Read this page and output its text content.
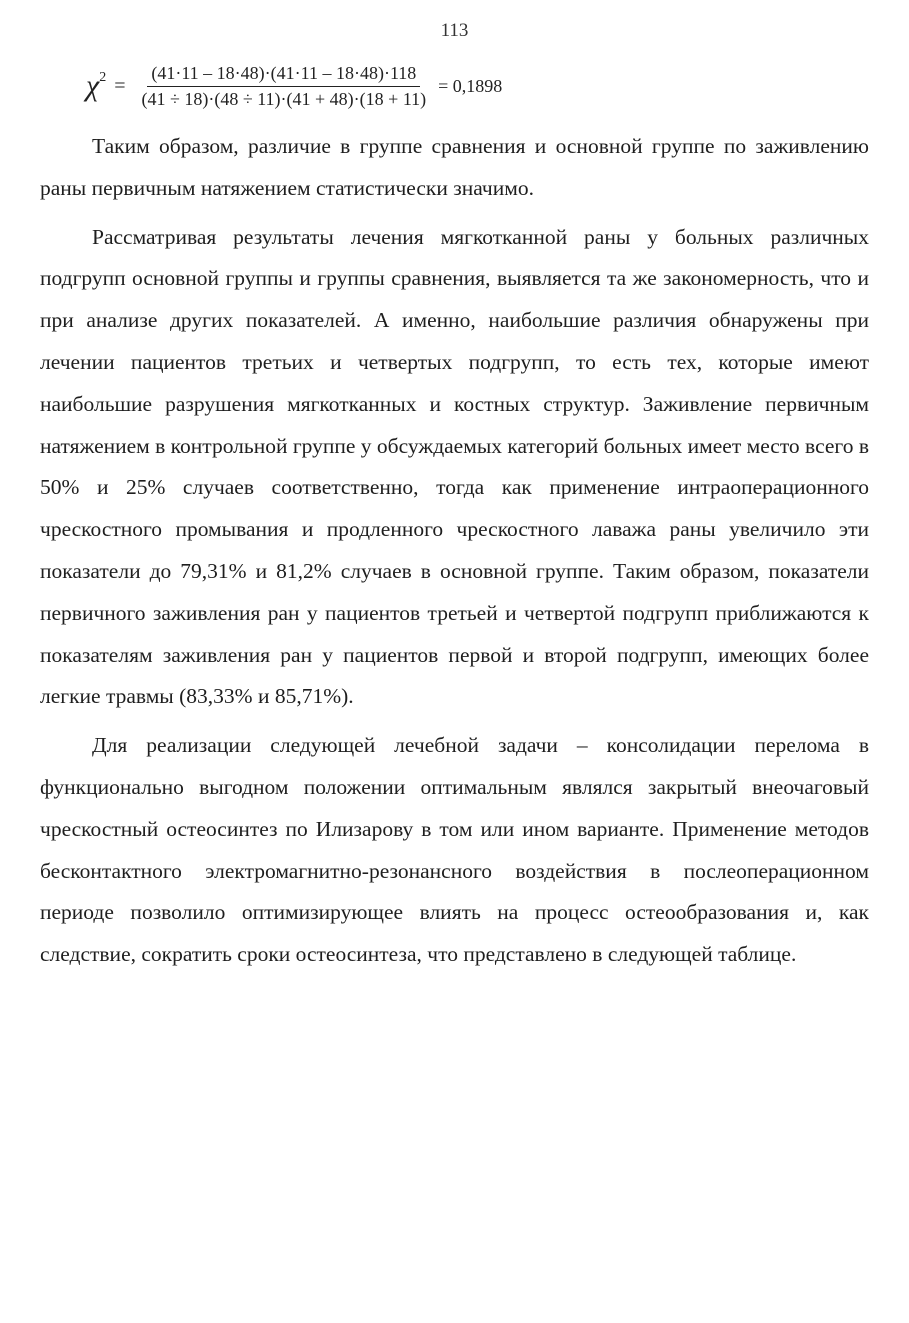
113
$\chi^2 = \frac{(41\cdot 11 - 18\cdot 48)\cdot(41\cdot 11 - 18\cdot 48)\cdot 118}{(41 \div 18)\cdot(48 \div 11)\cdot(41 + 48)\cdot(18 + 11)} = 0,1898$

Таким образом, различие в группе сравнения и основной группе по заживлению раны первичным натяжением статистически значимо.

Рассматривая результаты лечения мягкотканной раны у больных различных подгрупп основной группы и группы сравнения, выявляется та же закономерность, что и при анализе других показателей. А именно, наибольшие различия обнаружены при лечении пациентов третьих и четвертых подгрупп, то есть тех, которые имеют наибольшие разрушения мягкотканных и костных структур. Заживление первичным натяжением в контрольной группе у обсуждаемых категорий больных имеет место всего в 50% и 25% случаев соответственно, тогда как применение интраоперационного чрескостного промывания и продленного чрескостного лаважа раны увеличило эти показатели до 79,31% и 81,2% случаев в основной группе. Таким образом, показатели первичного заживления ран у пациентов третьей и четвертой подгрупп приближаются к показателям заживления ран у пациентов первой и второй подгрупп, имеющих более легкие травмы (83,33% и 85,71%).

Для реализации следующей лечебной задачи – консолидации перелома в функционально выгодном положении оптимальным являлся закрытый внеочаговый чрескостный остеосинтез по Илизарову в том или ином варианте. Применение методов бесконтактного электромагнитно-резонансного воздействия в послеоперационном периоде позволило оптимизирующее влиять на процесс остеообразования и, как следствие, сократить сроки остеосинтеза, что представлено в следующей таблице.
